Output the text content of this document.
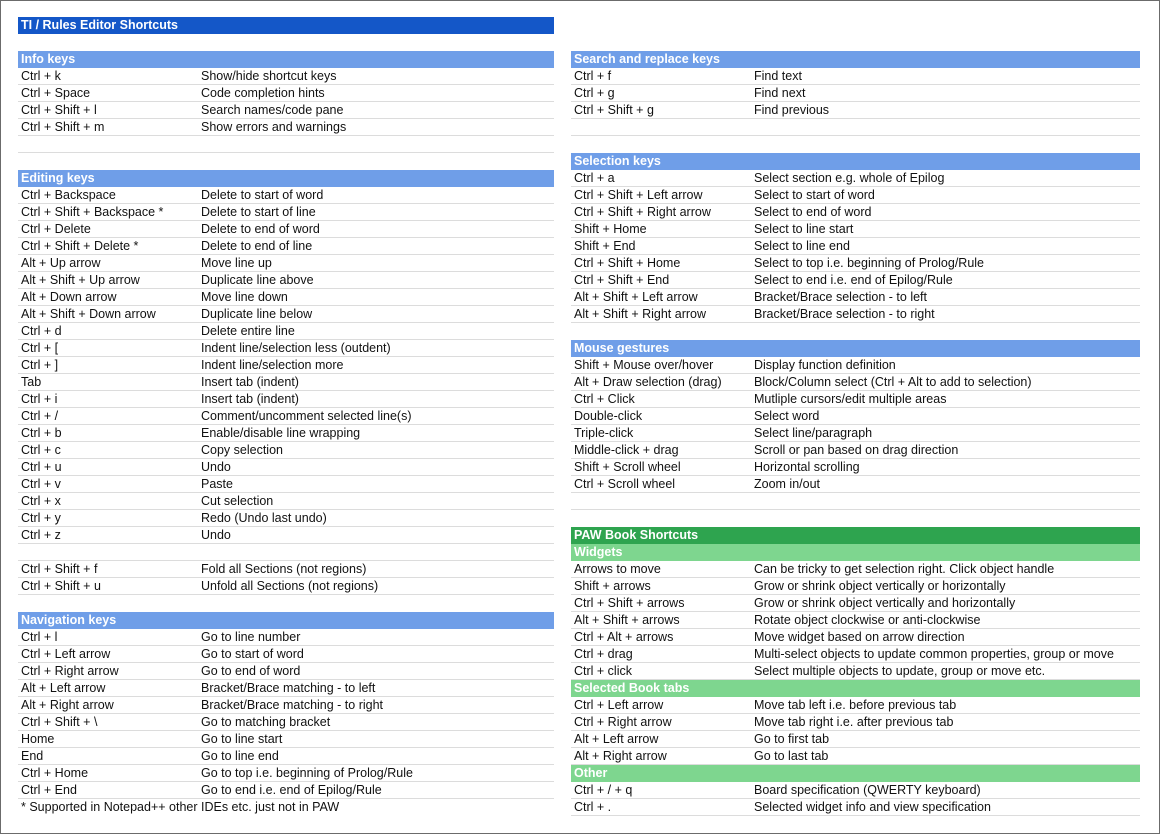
TI / Rules Editor Shortcuts
Info keys
Ctrl + k	Show/hide shortcut keys
Ctrl + Space	Code completion hints
Ctrl + Shift + l	Search names/code pane
Ctrl + Shift + m	Show errors and warnings
Editing keys
Ctrl + Backspace	Delete to start of word
Ctrl + Shift + Backspace *	Delete to start of line
Ctrl + Delete	Delete to end of word
Ctrl + Shift + Delete *	Delete to end of line
Alt + Up arrow	Move line up
Alt + Shift + Up arrow	Duplicate line above
Alt + Down arrow	Move line down
Alt + Shift + Down arrow	Duplicate line below
Ctrl + d	Delete entire line
Ctrl + [	Indent line/selection less (outdent)
Ctrl + ]	Indent line/selection more
Tab	Insert tab (indent)
Ctrl + i	Insert tab (indent)
Ctrl + /	Comment/uncomment selected line(s)
Ctrl + b	Enable/disable line wrapping
Ctrl + c	Copy selection
Ctrl + u	Undo
Ctrl + v	Paste
Ctrl + x	Cut selection
Ctrl + y	Redo (Undo last undo)
Ctrl + z	Undo
Ctrl + Shift + f	Fold all Sections (not regions)
Ctrl + Shift + u	Unfold all Sections (not regions)
Navigation keys
Ctrl + l	Go to line number
Ctrl + Left arrow	Go to start of word
Ctrl + Right arrow	Go to end of word
Alt + Left arrow	Bracket/Brace matching - to left
Alt + Right arrow	Bracket/Brace matching - to right
Ctrl + Shift + \	Go to matching bracket
Home	Go to line start
End	Go to line end
Ctrl + Home	Go to top i.e. beginning of Prolog/Rule
Ctrl + End	Go to end i.e. end of Epilog/Rule
Search and replace keys
Ctrl + f	Find text
Ctrl + g	Find next
Ctrl + Shift + g	Find previous
Selection keys
Ctrl + a	Select section e.g. whole of Epilog
Ctrl + Shift + Left arrow	Select to start of word
Ctrl + Shift + Right arrow	Select to end of word
Shift + Home	Select to line start
Shift + End	Select to line end
Ctrl + Shift + Home	Select to top i.e. beginning of Prolog/Rule
Ctrl + Shift + End	Select to end i.e. end of Epilog/Rule
Alt + Shift + Left arrow	Bracket/Brace selection - to left
Alt + Shift + Right arrow	Bracket/Brace selection - to right
Mouse gestures
Shift + Mouse over/hover	Display function definition
Alt + Draw selection (drag)	Block/Column select (Ctrl + Alt to add to selection)
Ctrl + Click	Mutliple cursors/edit multiple areas
Double-click	Select word
Triple-click	Select line/paragraph
Middle-click + drag	Scroll or pan based on drag direction
Shift + Scroll wheel	Horizontal scrolling
Ctrl + Scroll wheel	Zoom in/out
PAW Book Shortcuts
Widgets
Arrows to move	Can be tricky to get selection right. Click object handle
Shift + arrows	Grow or shrink object vertically or horizontally
Ctrl + Shift + arrows	Grow or shrink object vertically and horizontally
Alt + Shift + arrows	Rotate object clockwise or anti-clockwise
Ctrl + Alt + arrows	Move widget based on arrow direction
Ctrl + drag	Multi-select objects to update common properties, group or move
Ctrl + click	Select multiple objects to update, group or move etc.
Selected Book tabs
Ctrl + Left arrow	Move tab left i.e. before previous tab
Ctrl + Right arrow	Move tab right i.e. after previous tab
Alt + Left arrow	Go to first tab
Alt + Right arrow	Go to last tab
Other
Ctrl + / + q	Board specification (QWERTY keyboard)
Ctrl + .	Selected widget info and view specification
* Supported in Notepad++ other IDEs etc. just not in PAW
